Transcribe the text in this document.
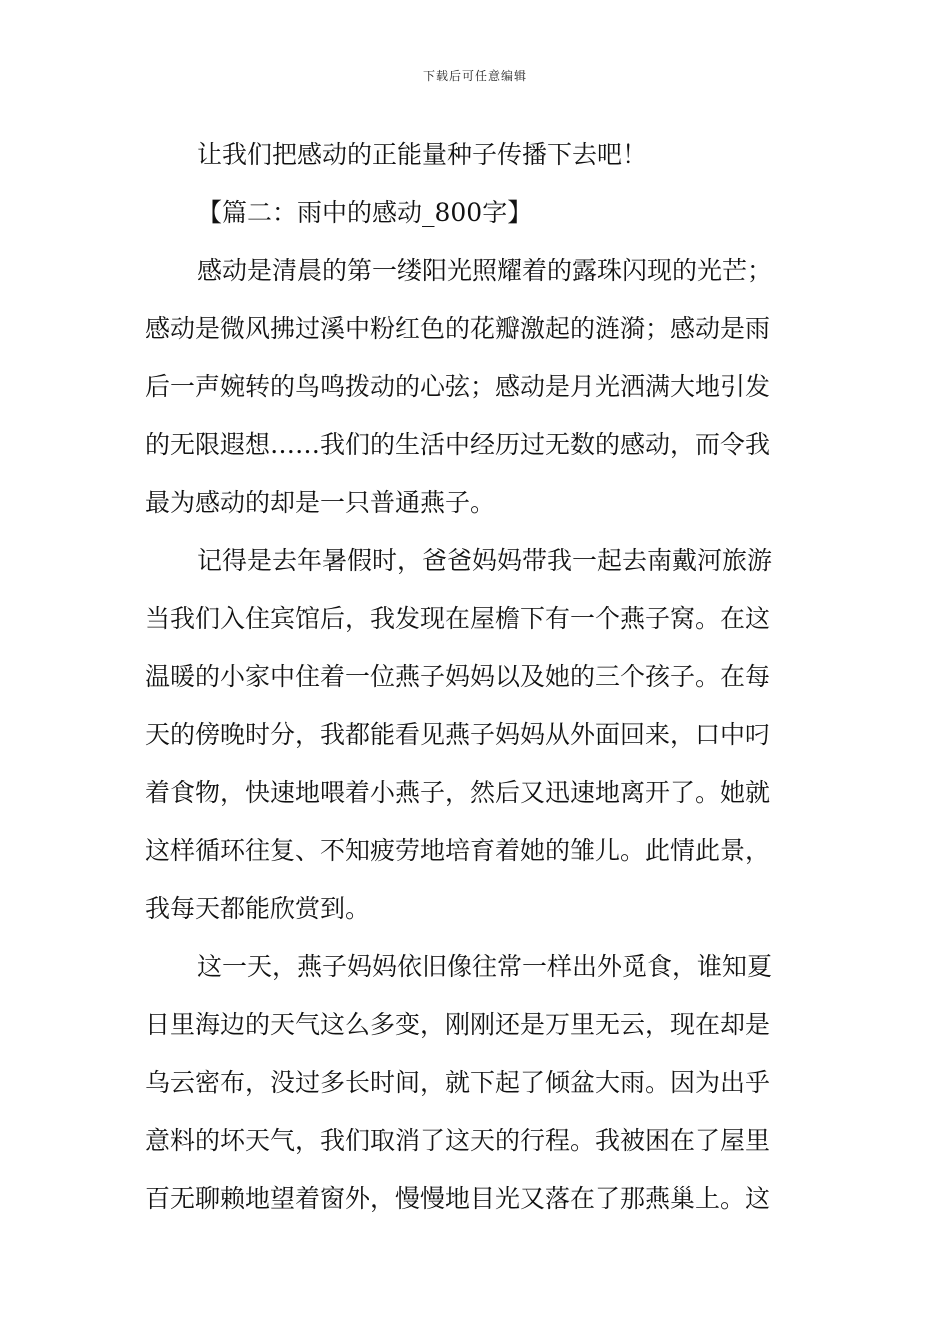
下载后可任意编辑
让我们把感动的正能量种子传播下去吧！
【篇二：雨中的感动_800字】
感动是清晨的第一缕阳光照耀着的露珠闪现的光芒；
感动是微风拂过溪中粉红色的花瓣激起的涟漪；感动是雨
后一声婉转的鸟鸣拨动的心弦；感动是月光洒满大地引发
的无限遐想……我们的生活中经历过无数的感动，而令我
最为感动的却是一只普通燕子。
记得是去年暑假时，爸爸妈妈带我一起去南戴河旅游
当我们入住宾馆后，我发现在屋檐下有一个燕子窝。在这
温暖的小家中住着一位燕子妈妈以及她的三个孩子。在每
天的傍晚时分，我都能看见燕子妈妈从外面回来，口中叼
着食物，快速地喂着小燕子，然后又迅速地离开了。她就
这样循环往复、不知疲劳地培育着她的雏儿。此情此景，
我每天都能欣赏到。
这一天，燕子妈妈依旧像往常一样出外觅食，谁知夏
日里海边的天气这么多变，刚刚还是万里无云，现在却是
乌云密布，没过多长时间，就下起了倾盆大雨。因为出乎
意料的坏天气，我们取消了这天的行程。我被困在了屋里
百无聊赖地望着窗外，慢慢地目光又落在了那燕巢上。这
